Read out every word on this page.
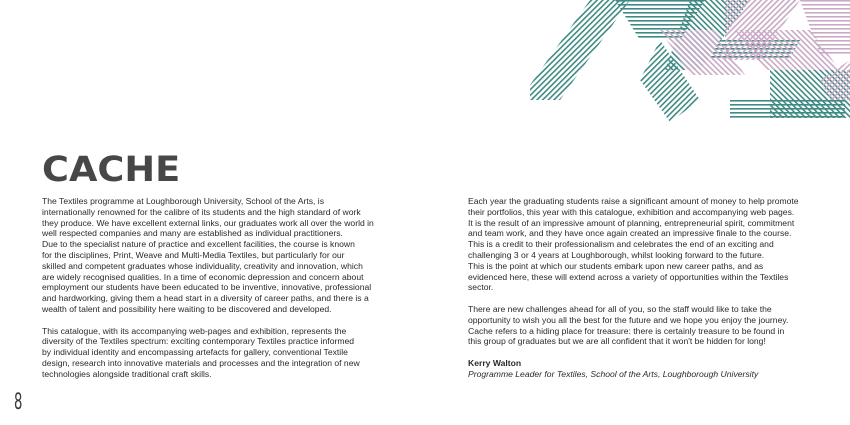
CACHE

The Textiles programme at Loughborough University, School of the Arts, is
internationally renowned for the calibre of its students and the high standard of work
they produce. We have excellent external links, our graduates work all over the world in
well respected companies and many are established as individual practitioners.
Due to the specialist nature of practice and excellent facilities, the course is known
for the disciplines, Print, Weave and Multi-Media Textiles, but particularly for our
skilled and competent graduates whose individuality, creativity and innovation, which
are widely recognised qualities. In a time of economic depression and concern about
employment our students have been educated to be inventive, innovative, professional
and hardworking, giving them a head start in a diversity of career paths, and there is a
wealth of talent and possibility here waiting to be discovered and developed.

This catalogue, with its accompanying web-pages and exhibition, represents the
diversity of the Textiles spectrum: exciting contemporary Textiles practice informed
by individual identity and encompassing artefacts for gallery, conventional Textile
design, research into innovative materials and processes and the integration of new
technologies alongside traditional craft skills.

Each year the graduating students raise a significant amount of money to help promote
their portfolios, this year with this catalogue, exhibition and accompanying web pages.
It is the result of an impressive amount of planning, entrepreneurial spirit, commitment
and team work, and they have once again created an impressive finale to the course.
This is a credit to their professionalism and celebrates the end of an exciting and
challenging 3 or 4 years at Loughborough, whilst looking forward to the future.
This is the point at which our students embark upon new career paths, and as
evidenced here, these will extend across a variety of opportunities within the Textiles
sector.

There are new challenges ahead for all of you, so the staff would like to take the
opportunity to wish you all the best for the future and we hope you enjoy the journey.
Cache refers to a hiding place for treasure: there is certainly treasure to be found in
this group of graduates but we are all confident that it won't be hidden for long!

Kerry Walton

Programme Leader for Textiles, School of the Arts, Loughborough University

8
